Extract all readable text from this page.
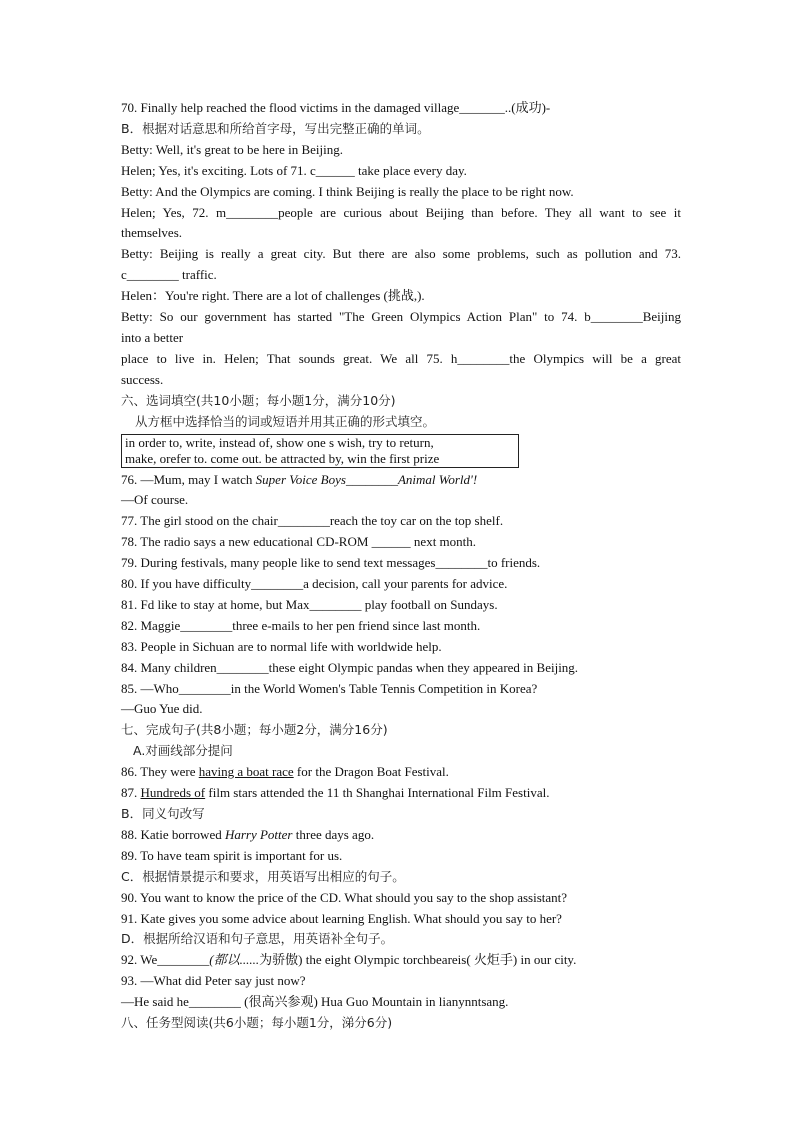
70. Finally help reached the flood victims in the damaged village_______..(成功)-
B．根据对话意思和所给首字母，写出完整正确的单词。
Betty: Well, it's great to be here in Beijing.
Helen; Yes, it's exciting. Lots of 71. c______ take place every day.
Betty: And the Olympics are coming. I think Beijing is really the place to be right now.
Helen; Yes, 72. m________people are curious about Beijing than before. They all want to see it
themselves.
Betty: Beijing is really a great city. But there are also some problems, such as pollution and 73.
c________ traffic.
Helen：You're right. There are a lot of challenges (挑战,).
Betty: So our government has started "The Green Olympics Action Plan" to 74. b________Beijing
into a better
place to live in. Helen; That sounds great. We all 75. h________the Olympics will be a great
success.
六、选词填空(共10小题；每小题1分，满分10分)
从方框中选择恰当的词或短语并用其正确的形式填空。
in order to, write, instead of, show one s wish, try to return,
make, orefer to. come out. be attracted by, win the first prize
76. —Mum, may I watch Super Voice Boys________Animal World'!
—Of course.
77. The girl stood on the chair________reach the toy car on the top shelf.
78. The radio says a new educational CD-ROM ______ next month.
79. During festivals, many people like to send text messages________to friends.
80. If you have difficulty________a decision, call your parents for advice.
81. Fd like to stay at home, but Max________ play football on Sundays.
82. Maggie________three e-mails to her pen friend since last month.
83. People in Sichuan are to normal life with worldwide help.
84. Many children________these eight Olympic pandas when they appeared in Beijing.
85. —Who________in the World Women's Table Tennis Competition in Korea?
—Guo Yue did.
七、完成句子(共8小题；每小题2分，满分16分)
A.对画线部分提问
86. They were having a boat race for the Dragon Boat Festival.
87. Hundreds of film stars attended the 11 th Shanghai International Film Festival.
B．同义句改写
88. Katie borrowed Harry Potter three days ago.
89. To have team spirit is important for us.
C．根据情景提示和要求，用英语写出相应的句子。
90. You want to know the price of the CD. What should you say to the shop assistant?
91. Kate gives you some advice about learning English. What should you say to her?
D．根据所给汉语和句子意思，用英语补全句子。
92. We________(都以......为骄傲) the eight Olympic torchbeareis( 火炬手) in our city.
93. —What did Peter say just now?
—He said he________ (很高兴参观) Hua Guo Mountain in lianynntsang.
八、任务型阅读(共6小题；每小题1分，涕分6分)
